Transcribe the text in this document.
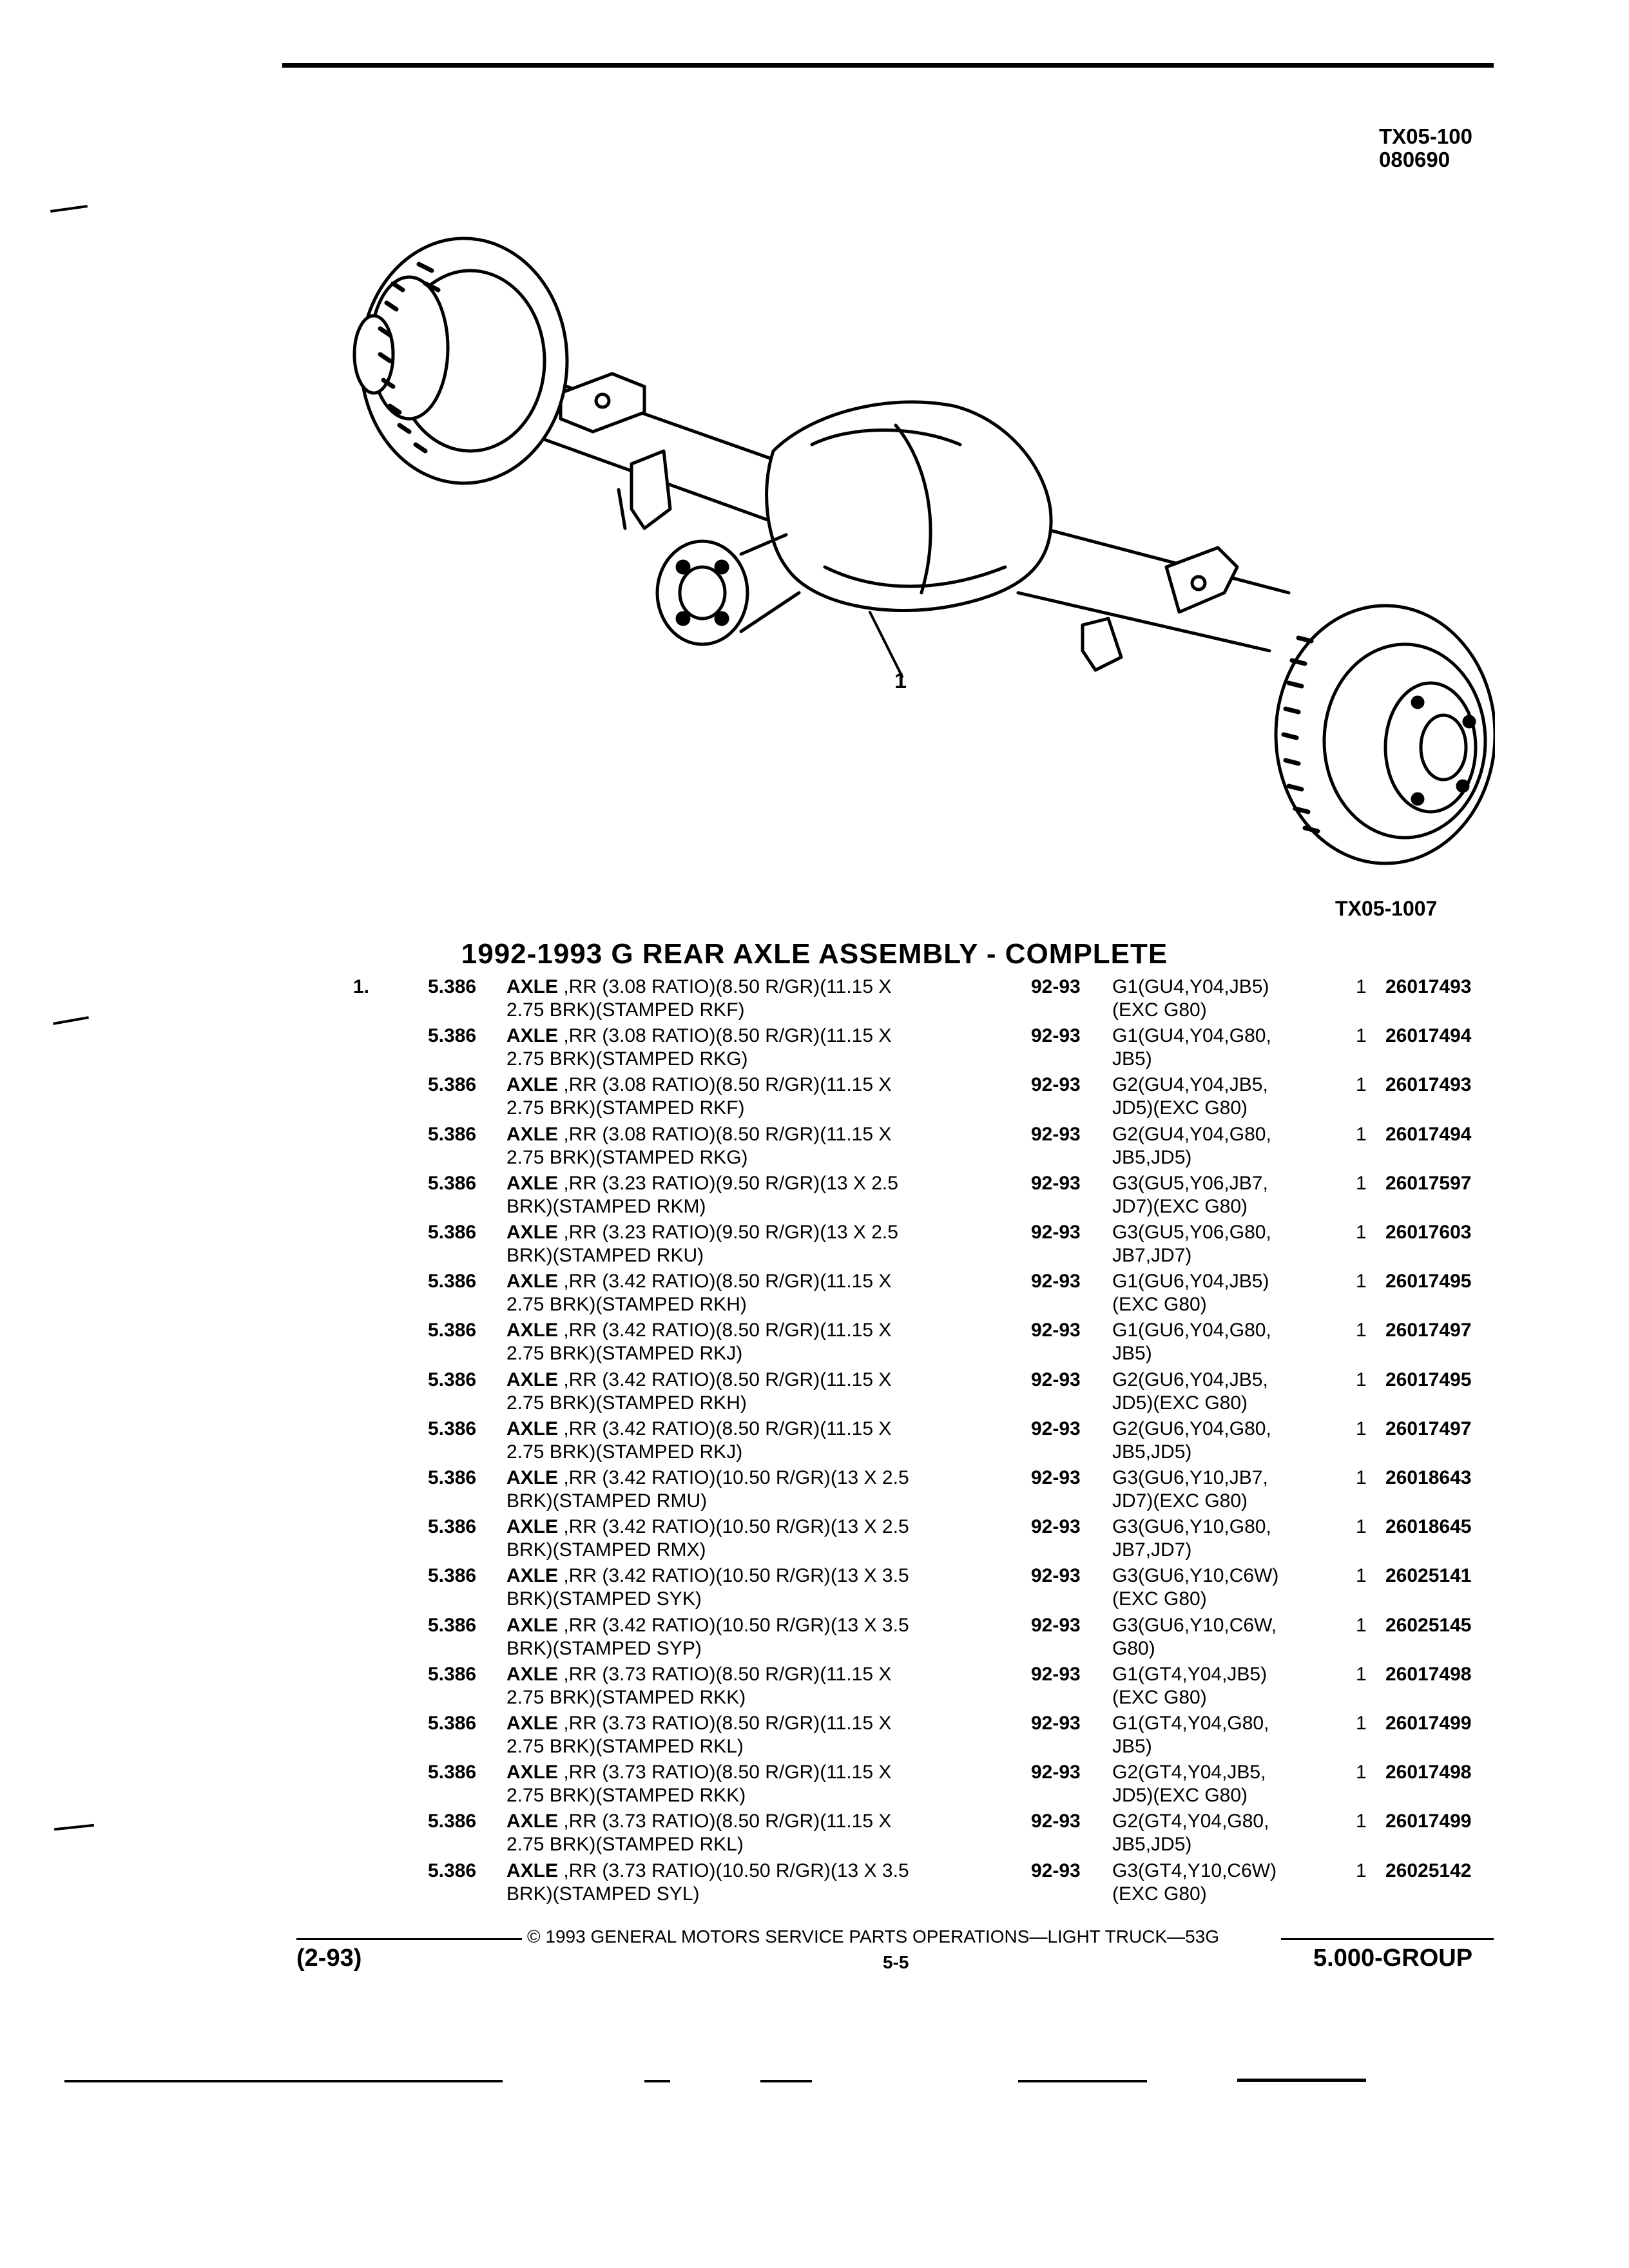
TX05-100
080690
1
TX05-1007
1992-1993 G REAR AXLE ASSEMBLY - COMPLETE
1.	5.386 AXLE ,RR (3.08 RATIO)(8.50 R/GR)(11.15 X
2.75 BRK)(STAMPED RKF)
92-93 G1(GU4,Y04,JB5)
(EXC G80)
1 26017493
5.386 AXLE ,RR (3.08 RATIO)(8.50 R/GR)(11.15 X
2.75 BRK)(STAMPED RKG)
92-93 G1(GU4,Y04,G80,
JB5)
1 26017494
5.386 AXLE ,RR (3.08 RATIO)(8.50 R/GR)(11.15 X
2.75 BRK)(STAMPED RKF)
92-93 G2(GU4,Y04,JB5,
JD5)(EXC G80)
1 26017493
5.386 AXLE ,RR (3.08 RATIO)(8.50 R/GR)(11.15 X
2.75 BRK)(STAMPED RKG)
92-93 G2(GU4,Y04,G80,
JB5,JD5)
1 26017494
5.386 AXLE ,RR (3.23 RATIO)(9.50 R/GR)(13 X 2.5
BRK)(STAMPED RKM)
92-93 G3(GU5,Y06,JB7,
JD7)(EXC G80)
1 26017597
5.386 AXLE ,RR (3.23 RATIO)(9.50 R/GR)(13 X 2.5
BRK)(STAMPED RKU)
92-93 G3(GU5,Y06,G80,
JB7,JD7)
1 26017603
5.386 AXLE ,RR (3.42 RATIO)(8.50 R/GR)(11.15 X
2.75 BRK)(STAMPED RKH)
92-93 G1(GU6,Y04,JB5)
(EXC G80)
1 26017495
5.386 AXLE ,RR (3.42 RATIO)(8.50 R/GR)(11.15 X
2.75 BRK)(STAMPED RKJ)
92-93 G1(GU6,Y04,G80,
JB5)
1 26017497
5.386 AXLE ,RR (3.42 RATIO)(8.50 R/GR)(11.15 X
2.75 BRK)(STAMPED RKH)
92-93 G2(GU6,Y04,JB5,
JD5)(EXC G80)
1 26017495
5.386 AXLE ,RR (3.42 RATIO)(8.50 R/GR)(11.15 X
2.75 BRK)(STAMPED RKJ)
92-93 G2(GU6,Y04,G80,
JB5,JD5)
1 26017497
5.386 AXLE ,RR (3.42 RATIO)(10.50 R/GR)(13 X 2.5
BRK)(STAMPED RMU)
92-93 G3(GU6,Y10,JB7,
JD7)(EXC G80)
1 26018643
5.386 AXLE ,RR (3.42 RATIO)(10.50 R/GR)(13 X 2.5
BRK)(STAMPED RMX)
92-93 G3(GU6,Y10,G80,
JB7,JD7)
1 26018645
5.386 AXLE ,RR (3.42 RATIO)(10.50 R/GR)(13 X 3.5
BRK)(STAMPED SYK)
92-93 G3(GU6,Y10,C6W)
(EXC G80)
1 26025141
5.386 AXLE ,RR (3.42 RATIO)(10.50 R/GR)(13 X 3.5
BRK)(STAMPED SYP)
92-93 G3(GU6,Y10,C6W,
G80)
1 26025145
5.386 AXLE ,RR (3.73 RATIO)(8.50 R/GR)(11.15 X
2.75 BRK)(STAMPED RKK)
92-93 G1(GT4,Y04,JB5)
(EXC G80)
1 26017498
5.386 AXLE ,RR (3.73 RATIO)(8.50 R/GR)(11.15 X
2.75 BRK)(STAMPED RKL)
92-93 G1(GT4,Y04,G80,
JB5)
1 26017499
5.386 AXLE ,RR (3.73 RATIO)(8.50 R/GR)(11.15 X
2.75 BRK)(STAMPED RKK)
92-93 G2(GT4,Y04,JB5,
JD5)(EXC G80)
1 26017498
5.386 AXLE ,RR (3.73 RATIO)(8.50 R/GR)(11.15 X
2.75 BRK)(STAMPED RKL)
92-93 G2(GT4,Y04,G80,
JB5,JD5)
1 26017499
5.386 AXLE ,RR (3.73 RATIO)(10.50 R/GR)(13 X 3.5
BRK)(STAMPED SYL)
92-93 G3(GT4,Y10,C6W)
(EXC G80)
1 26025142
© 1993 GENERAL MOTORS SERVICE PARTS OPERATIONS—LIGHT TRUCK—53G
(2-93)	5-5	5.000-GROUP
